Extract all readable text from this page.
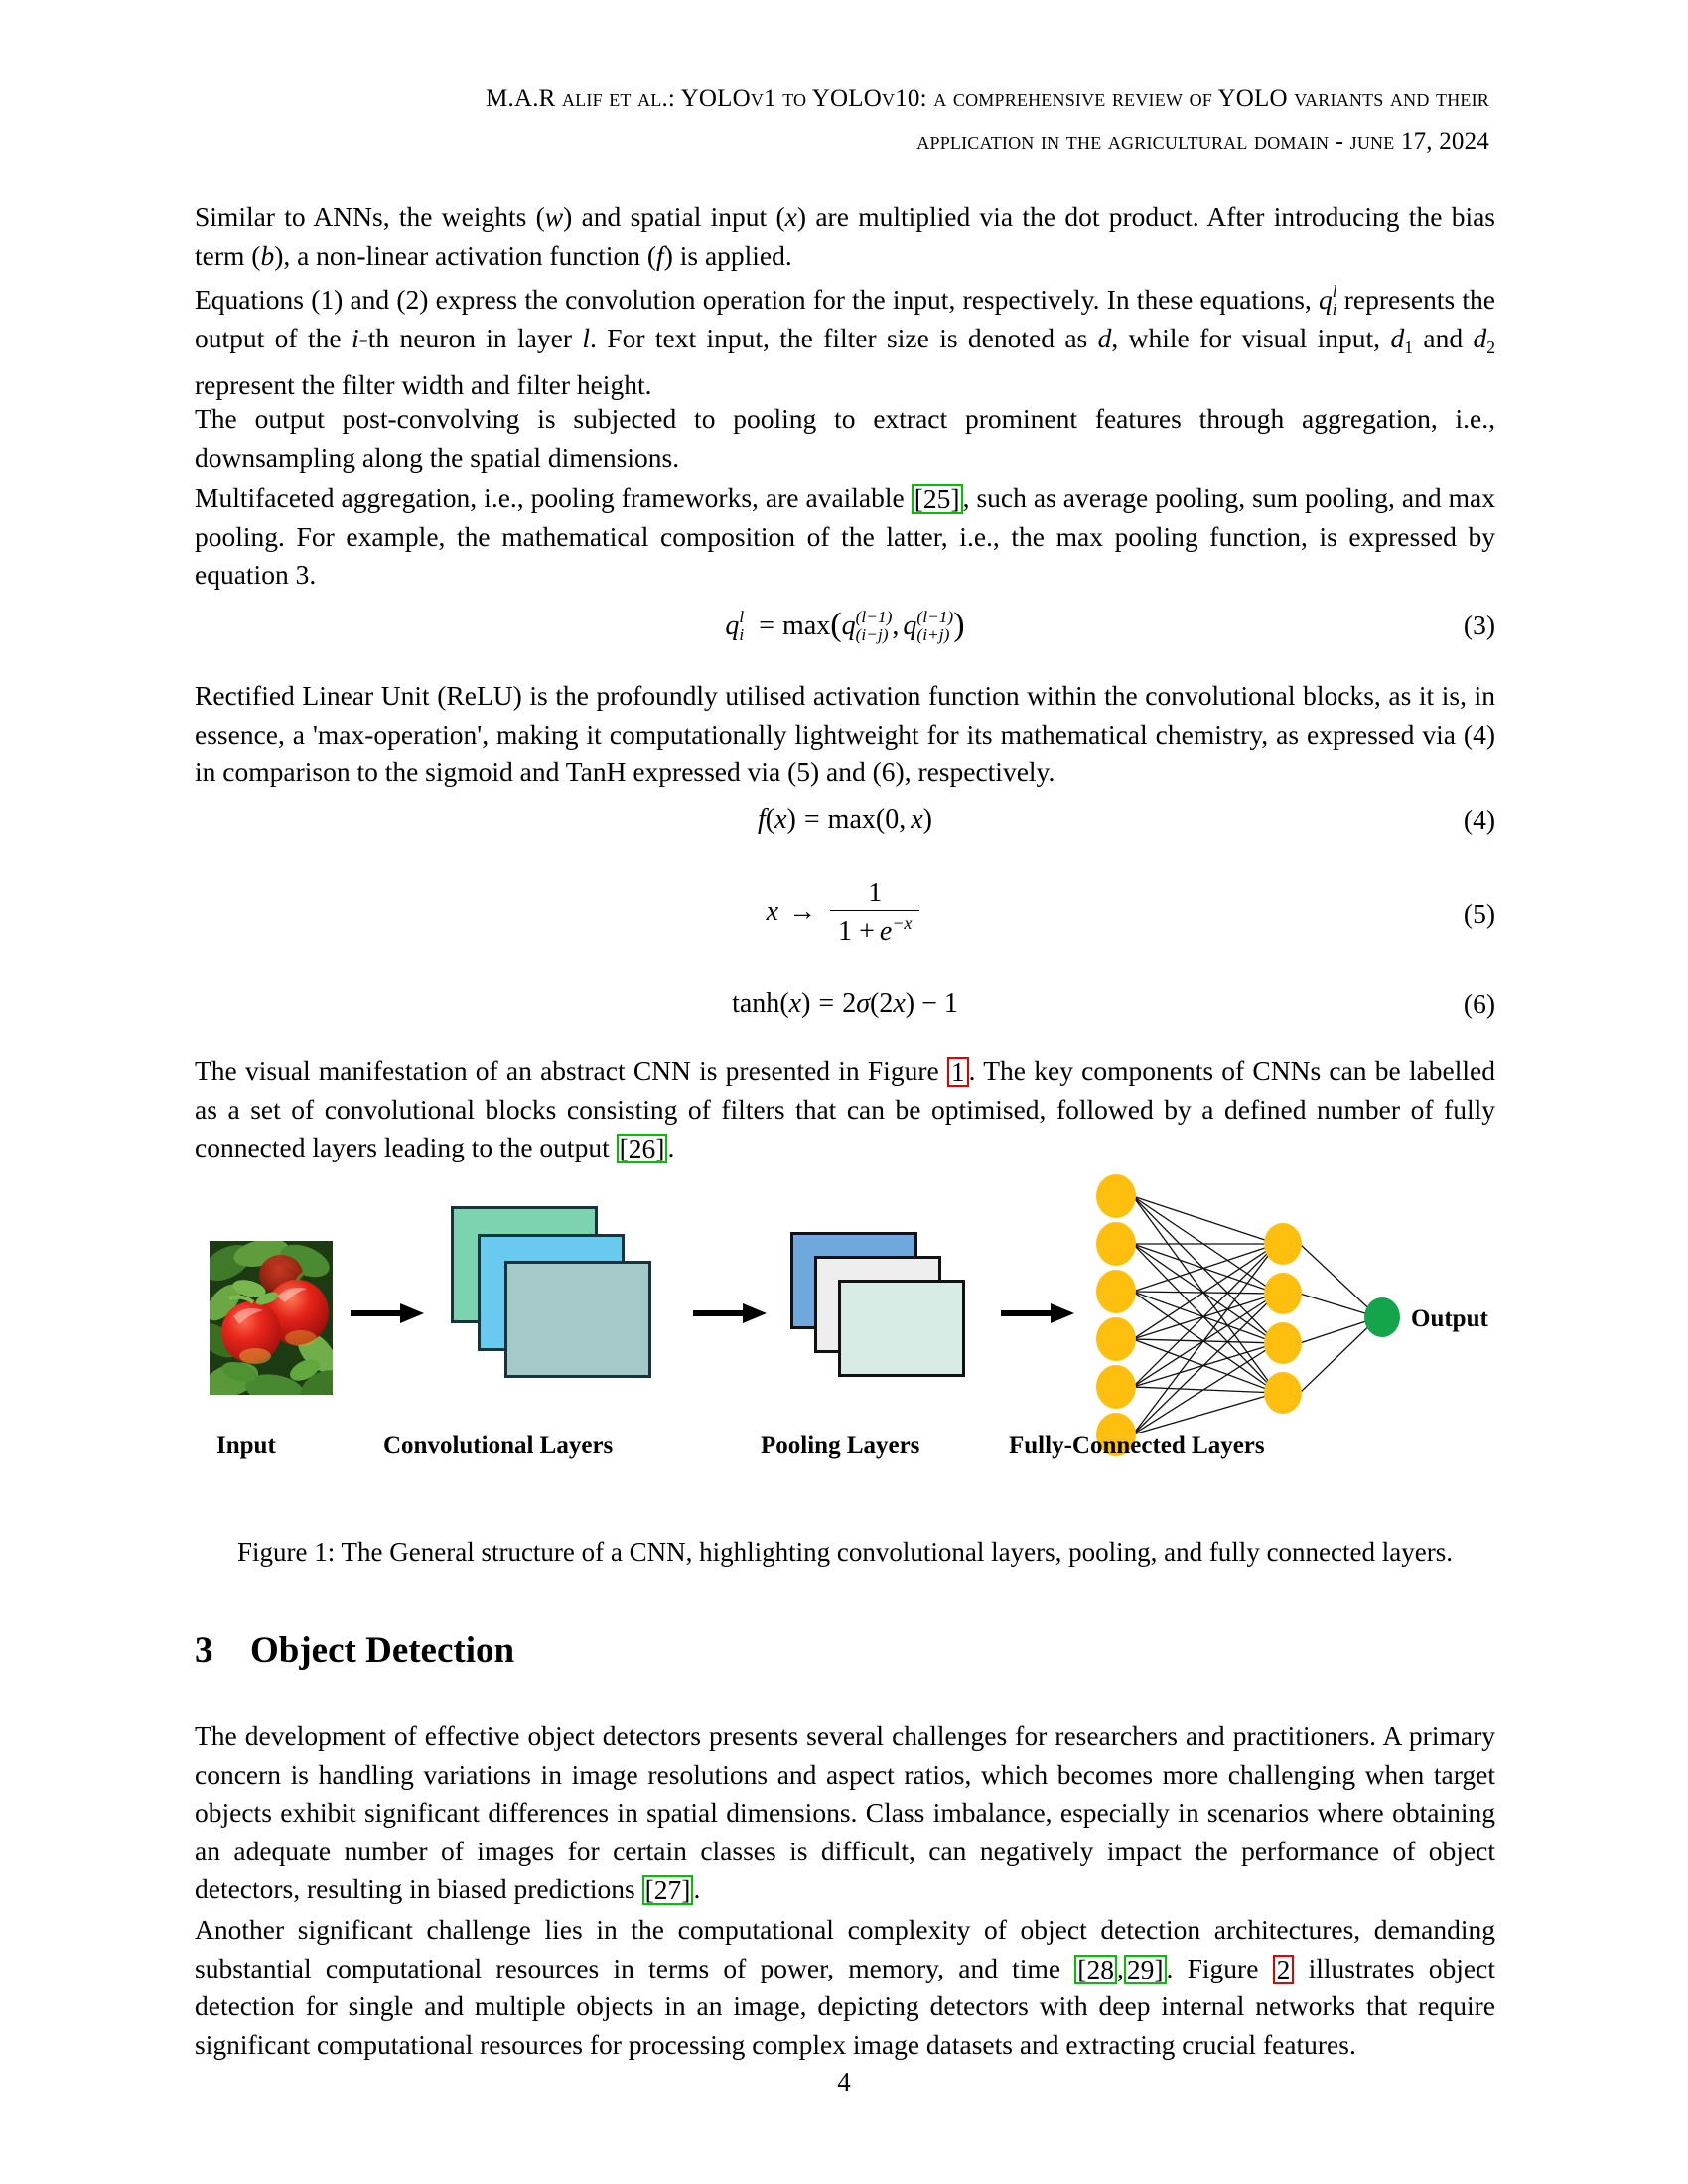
M.A.R alif et al.: YOLOv1 to YOLOv10: a comprehensive review of YOLO variants and their
application in the agricultural domain - june 17, 2024

Similar to ANNs, the weights (w) and spatial input (x) are multiplied via the dot product. After introducing the bias term (b), a non-linear activation function (f) is applied.

Equations (1) and (2) express the convolution operation for the input, respectively. In these equations, q l
i represents the output of the i-th neuron in layer l. For text input, the filter size is denoted as d, while for visual input, $d_1$ and $d_2$ represent the filter width and filter height.

The output post-convolving is subjected to pooling to extract prominent features through aggregation, i.e., downsampling along the spatial dimensions.

Multifaceted aggregation, i.e., pooling frameworks, are available [25] , such as average pooling, sum pooling, and max pooling. For example, the mathematical composition of the latter, i.e., the max pooling function, is expressed by equation 3.

q l
i = max(q (l−1)
(i−j) , q (l−1)
(i+j) )	(3)

Rectified Linear Unit (ReLU) is the profoundly utilised activation function within the convolutional blocks, as it is, in essence, a 'max-operation', making it computationally lightweight for its mathematical chemistry, as expressed via (4) in comparison to the sigmoid and TanH expressed via (5) and (6), respectively.

f(x) = max(0, x)	(4)
$x \to \frac{1}{1 + e^{-x}}$	(5)
tanh(x) = 2σ(2x) − 1	(6)

The visual manifestation of an abstract CNN is presented in Figure 1 . The key components of CNNs can be labelled as a set of convolutional blocks consisting of filters that can be optimised, followed by a defined number of fully connected layers leading to the output [26] .

Output
Input	Convolutional Layers	Pooling Layers	Fully-Connected Layers
Figure 1: The General structure of a CNN, highlighting convolutional layers, pooling, and fully connected layers.
3 Object Detection

The development of effective object detectors presents several challenges for researchers and practitioners. A primary concern is handling variations in image resolutions and aspect ratios, which becomes more challenging when target objects exhibit significant differences in spatial dimensions. Class imbalance, especially in scenarios where obtaining an adequate number of images for certain classes is difficult, can negatively impact the performance of object detectors, resulting in biased predictions [27] .

Another significant challenge lies in the computational complexity of object detection architectures, demanding substantial computational resources in terms of power, memory, and time [28 , 29] . Figure 2 illustrates object detection for single and multiple objects in an image, depicting detectors with deep internal networks that require significant computational resources for processing complex image datasets and extracting crucial features.

4
